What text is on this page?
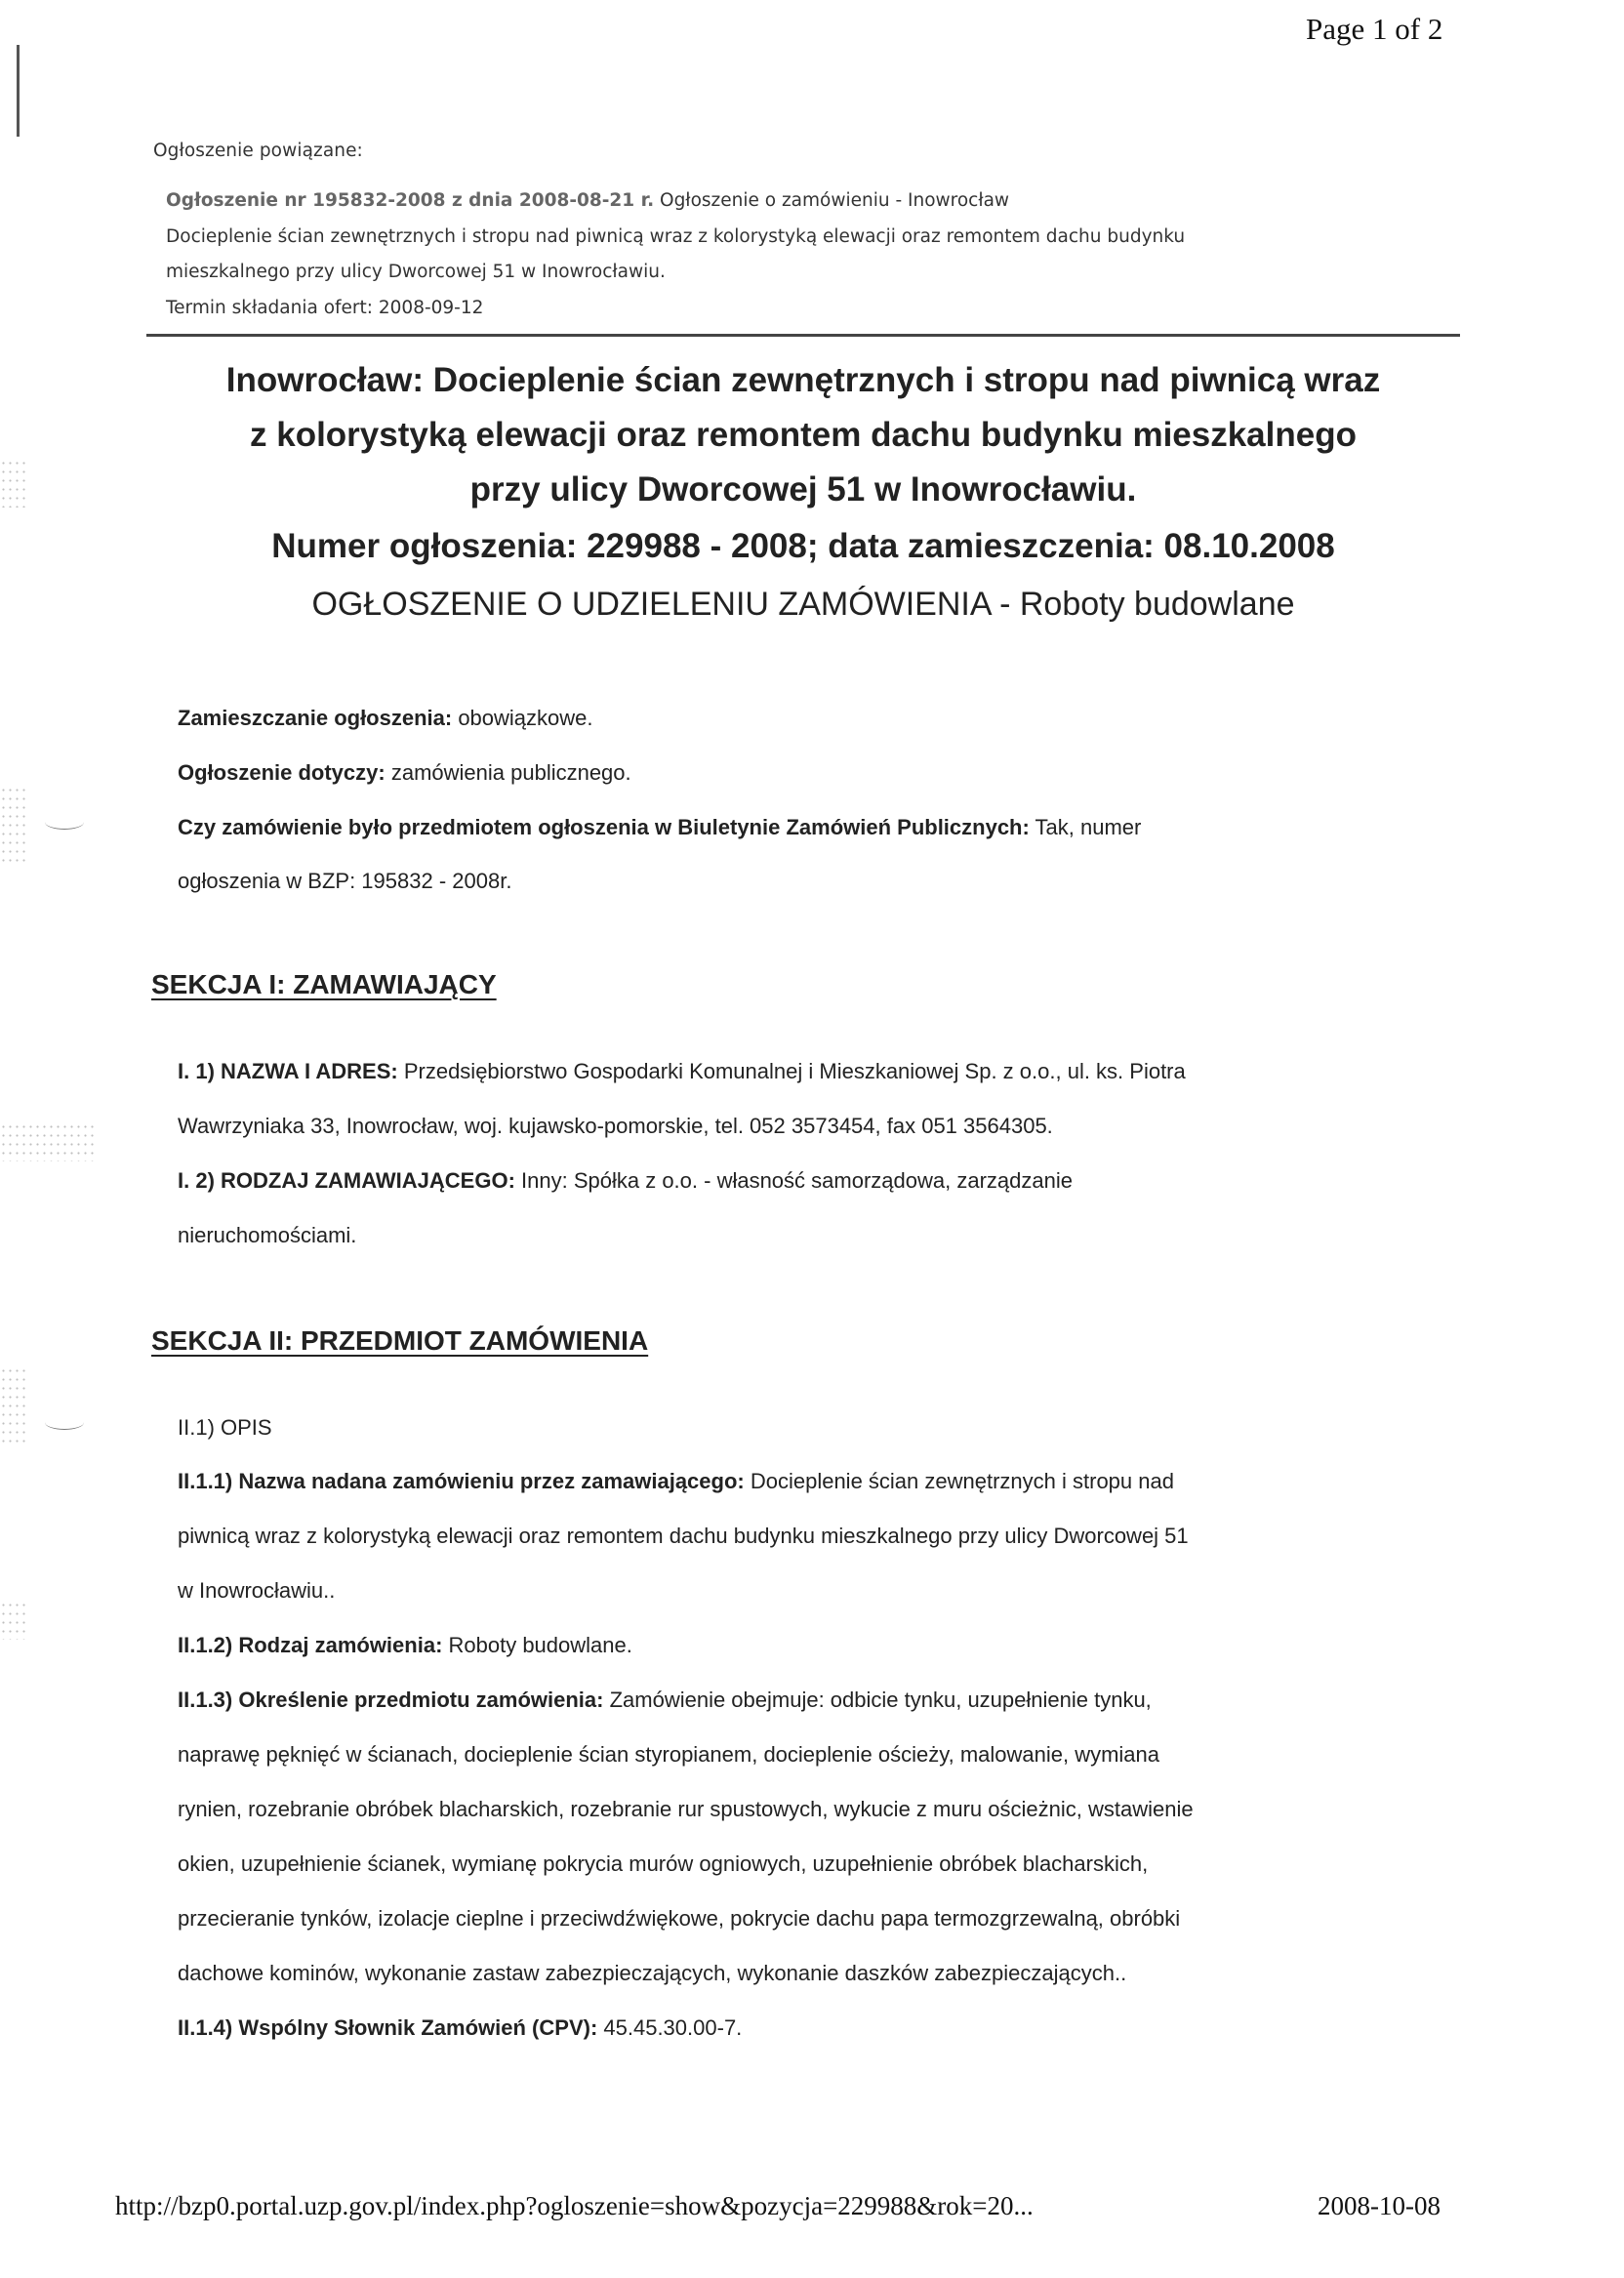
Page 1 of 2
Ogłoszenie powiązane:
Ogłoszenie nr 195832-2008 z dnia 2008-08-21 r. Ogłoszenie o zamówieniu - Inowrocław
Docieplenie ścian zewnętrznych i stropu nad piwnicą wraz z kolorystyką elewacji oraz remontem dachu budynku
mieszkalnego przy ulicy Dworcowej 51 w Inowrocławiu.
Termin składania ofert: 2008-09-12
Inowrocław: Docieplenie ścian zewnętrznych i stropu nad piwnicą wraz
z kolorystyką elewacji oraz remontem dachu budynku mieszkalnego
przy ulicy Dworcowej 51 w Inowrocławiu.
Numer ogłoszenia: 229988 - 2008; data zamieszczenia: 08.10.2008
OGŁOSZENIE O UDZIELENIU ZAMÓWIENIA - Roboty budowlane
Zamieszczanie ogłoszenia: obowiązkowe.
Ogłoszenie dotyczy: zamówienia publicznego.
Czy zamówienie było przedmiotem ogłoszenia w Biuletynie Zamówień Publicznych: Tak, numer
ogłoszenia w BZP: 195832 - 2008r.
SEKCJA I: ZAMAWIAJĄCY
I. 1) NAZWA I ADRES: Przedsiębiorstwo Gospodarki Komunalnej i Mieszkaniowej Sp. z o.o., ul. ks. Piotra
Wawrzyniaka 33, Inowrocław, woj. kujawsko-pomorskie, tel. 052 3573454, fax 051 3564305.
I. 2) RODZAJ ZAMAWIAJĄCEGO: Inny: Spółka z o.o. - własność samorządowa, zarządzanie
nieruchomościami.
SEKCJA II: PRZEDMIOT ZAMÓWIENIA
II.1) OPIS
II.1.1) Nazwa nadana zamówieniu przez zamawiającego: Docieplenie ścian zewnętrznych i stropu nad
piwnicą wraz z kolorystyką elewacji oraz remontem dachu budynku mieszkalnego przy ulicy Dworcowej 51
w Inowrocławiu..
II.1.2) Rodzaj zamówienia: Roboty budowlane.
II.1.3) Określenie przedmiotu zamówienia: Zamówienie obejmuje: odbicie tynku, uzupełnienie tynku,
naprawę pęknięć w ścianach, docieplenie ścian styropianem, docieplenie ościeży, malowanie, wymiana
rynien, rozebranie obróbek blacharskich, rozebranie rur spustowych, wykucie z muru ościeżnic, wstawienie
okien, uzupełnienie ścianek, wymianę pokrycia murów ogniowych, uzupełnienie obróbek blacharskich,
przecieranie tynków, izolacje cieplne i przeciwdźwiękowe, pokrycie dachu papa termozgrzewalną, obróbki
dachowe kominów, wykonanie zastaw zabezpieczających, wykonanie daszków zabezpieczających..
II.1.4) Wspólny Słownik Zamówień (CPV): 45.45.30.00-7.
http://bzp0.portal.uzp.gov.pl/index.php?ogloszenie=show&pozycja=229988&rok=20...	2008-10-08
